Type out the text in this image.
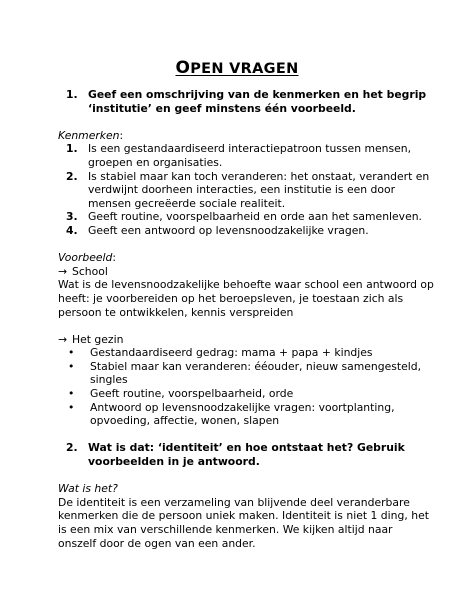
OPEN VRAGEN
1. Geef een omschrijving van de kenmerken en het begrip ‘institutie’ en geef minstens één voorbeeld.
Kenmerken:
1. Is een gestandaardiseerd interactiepatroon tussen mensen, groepen en organisaties.
2. Is stabiel maar kan toch veranderen: het onstaat, verandert en verdwijnt doorheen interacties, een institutie is een door mensen gecreëerde sociale realiteit.
3. Geeft routine, voorspelbaarheid en orde aan het samenleven.
4. Geeft een antwoord op levensnoodzakelijke vragen.
Voorbeeld:
→ School
Wat is de levensnoodzakelijke behoefte waar school een antwoord op heeft: je voorbereiden op het beroepsleven, je toestaan zich als persoon te ontwikkelen, kennis verspreiden
→ Het gezin
•	Gestandaardiseerd gedrag: mama + papa + kindjes
•	Stabiel maar kan veranderen: ééouder, nieuw samengesteld, singles
•	Geeft routine, voorspelbaarheid, orde
•	Antwoord op levensnoodzakelijke vragen: voortplanting, opvoeding, affectie, wonen, slapen
2. Wat is dat: ‘identiteit’ en hoe ontstaat het? Gebruik voorbeelden in je antwoord.
Wat is het?
De identiteit is een verzameling van blijvende deel veranderbare kenmerken die de persoon uniek maken. Identiteit is niet 1 ding, het is een mix van verschillende kenmerken. We kijken altijd naar onszelf door de ogen van een ander.
